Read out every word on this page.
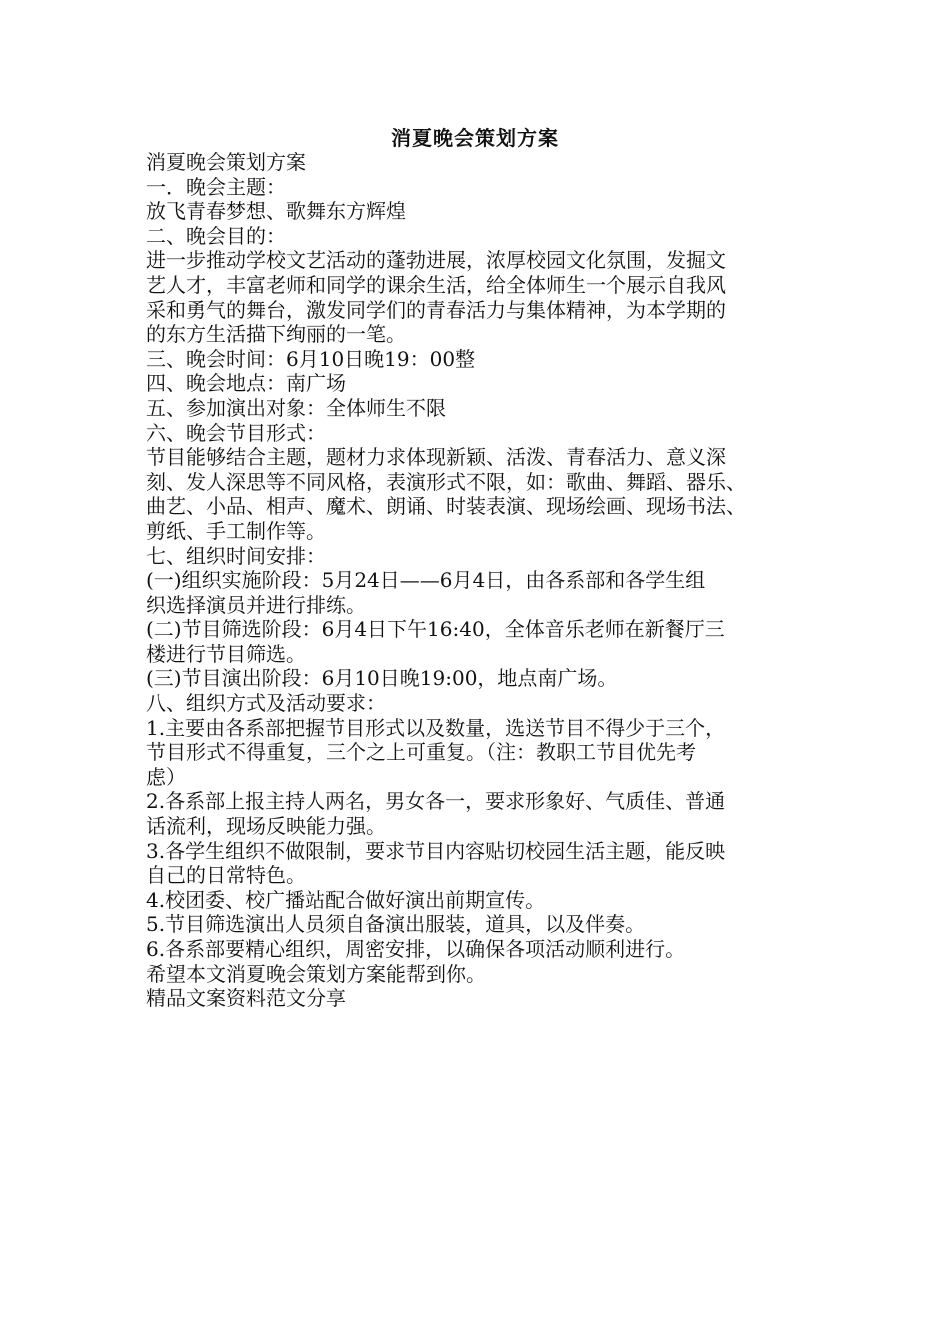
消夏晚会策划方案
消夏晚会策划方案
一．晚会主题：
放飞青春梦想、歌舞东方辉煌
二、晚会目的：
进一步推动学校文艺活动的蓬勃进展，浓厚校园文化氛围，发掘文
艺人才，丰富老师和同学的课余生活，给全体师生一个展示自我风
采和勇气的舞台，激发同学们的青春活力与集体精神，为本学期的
的东方生活描下绚丽的一笔。
三、晚会时间：6月10日晚19：00整
四、晚会地点：南广场
五、参加演出对象：全体师生不限
六、晚会节目形式：
节目能够结合主题，题材力求体现新颖、活泼、青春活力、意义深
刻、发人深思等不同风格，表演形式不限，如：歌曲、舞蹈、器乐、
曲艺、小品、相声、魔术、朗诵、时装表演、现场绘画、现场书法、
剪纸、手工制作等。
七、组织时间安排：
(一)组织实施阶段：5月24日——6月4日，由各系部和各学生组
织选择演员并进行排练。
(二)节目筛选阶段：6月4日下午16:40，全体音乐老师在新餐厅三
楼进行节目筛选。
(三)节目演出阶段：6月10日晚19:00，地点南广场。
八、组织方式及活动要求：
1.主要由各系部把握节目形式以及数量，选送节目不得少于三个，
节目形式不得重复，三个之上可重复。（注：教职工节目优先考
虑）
2.各系部上报主持人两名，男女各一，要求形象好、气质佳、普通
话流利，现场反映能力强。
3.各学生组织不做限制，要求节目内容贴切校园生活主题，能反映
自己的日常特色。
4.校团委、校广播站配合做好演出前期宣传。
5.节目筛选演出人员须自备演出服装，道具，以及伴奏。
6.各系部要精心组织，周密安排，以确保各项活动顺利进行。
希望本文消夏晚会策划方案能帮到你。
精品文案资料范文分享
